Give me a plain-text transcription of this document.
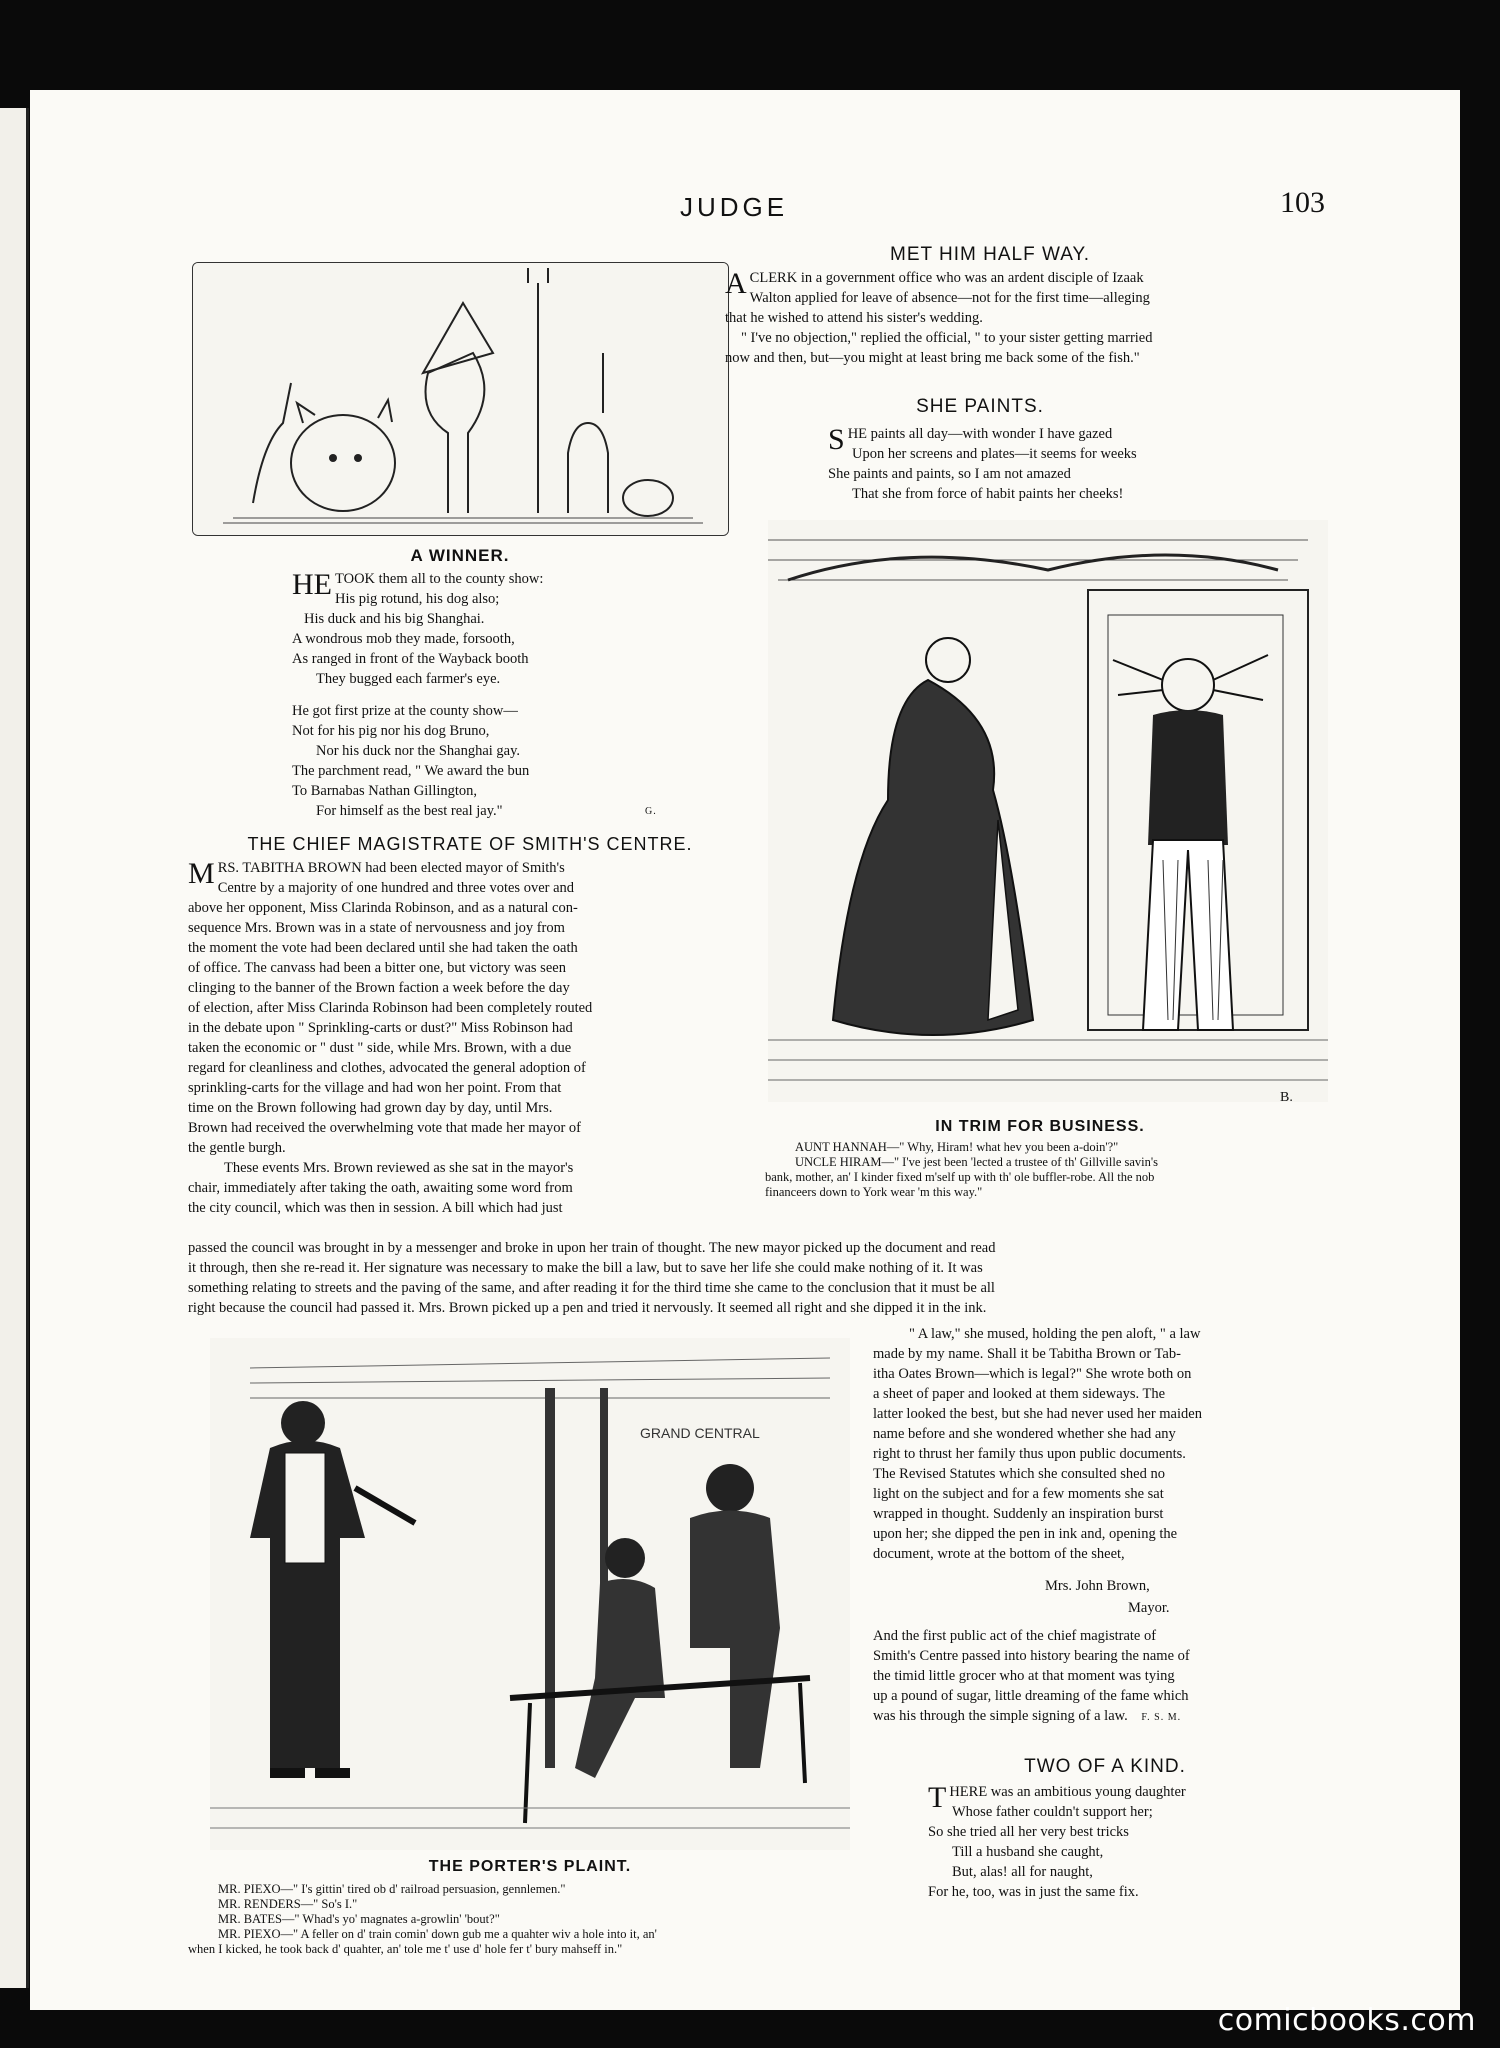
JUDGE	103
A WINNER.

HE TOOK them all to the county show:

His pig rotund, his dog also;

His duck and his big Shanghai.

A wondrous mob they made, forsooth,

As ranged in front of the Wayback booth

They bugged each farmer's eye.

He got first prize at the county show—

Not for his pig nor his dog Bruno,

Nor his duck nor the Shanghai gay.

The parchment read, " We award the bun

To Barnabas Nathan Gillington,

For himself as the best real jay."	G.
MET HIM HALF WAY.

ACLERK in a government office who was an ardent disciple of Izaak

Walton applied for leave of absence—not for the first time—alleging

that he wished to attend his sister's wedding.

" I've no objection," replied the official, " to your sister getting married

now and then, but—you might at least bring me back some of the fish."

SHE PAINTS.

SHE paints all day—with wonder I have gazed

Upon her screens and plates—it seems for weeks

She paints and paints, so I am not amazed

That she from force of habit paints her cheeks!

B.
IN TRIM FOR BUSINESS.

AUNT HANNAH—" Why, Hiram! what hev you been a-doin'?"

UNCLE HIRAM—" I've jest been 'lected a trustee of th' Gillville savin's

bank, mother, an' I kinder fixed m'self up with th' ole buffler-robe. All the nob

financeers down to York wear 'm this way."

THE CHIEF MAGISTRATE OF SMITH'S CENTRE.

MRS. TABITHA BROWN had been elected mayor of Smith's

Centre by a majority of one hundred and three votes over and

above her opponent, Miss Clarinda Robinson, and as a natural con-

sequence Mrs. Brown was in a state of nervousness and joy from

the moment the vote had been declared until she had taken the oath

of office. The canvass had been a bitter one, but victory was seen

clinging to the banner of the Brown faction a week before the day

of election, after Miss Clarinda Robinson had been completely routed

in the debate upon " Sprinkling-carts or dust?" Miss Robinson had

taken the economic or " dust " side, while Mrs. Brown, with a due

regard for cleanliness and clothes, advocated the general adoption of

sprinkling-carts for the village and had won her point. From that

time on the Brown following had grown day by day, until Mrs.

Brown had received the overwhelming vote that made her mayor of

the gentle burgh.

These events Mrs. Brown reviewed as she sat in the mayor's

chair, immediately after taking the oath, awaiting some word from

the city council, which was then in session. A bill which had just

passed the council was brought in by a messenger and broke in upon her train of thought. The new mayor picked up the document and read

it through, then she re-read it. Her signature was necessary to make the bill a law, but to save her life she could make nothing of it. It was

something relating to streets and the paving of the same, and after reading it for the third time she came to the conclusion that it must be all

right because the council had passed it. Mrs. Brown picked up a pen and tried it nervously. It seemed all right and she dipped it in the ink.

" A law," she mused, holding the pen aloft, " a law

made by my name. Shall it be Tabitha Brown or Tab-

itha Oates Brown—which is legal?" She wrote both on

a sheet of paper and looked at them sideways. The

latter looked the best, but she had never used her maiden

name before and she wondered whether she had any

right to thrust her family thus upon public documents.

The Revised Statutes which she consulted shed no

light on the subject and for a few moments she sat

wrapped in thought. Suddenly an inspiration burst

upon her; she dipped the pen in ink and, opening the

document, wrote at the bottom of the sheet,

Mrs. John Brown,
Mayor.

And the first public act of the chief magistrate of

Smith's Centre passed into history bearing the name of

the timid little grocer who at that moment was tying

up a pound of sugar, little dreaming of the fame which

was his through the simple signing of a law. F. S. M.

GRAND CENTRAL
THE PORTER'S PLAINT.

MR. PIEXO—" I's gittin' tired ob d' railroad persuasion, gennlemen."

MR. RENDERS—" So's I."

MR. BATES—" Whad's yo' magnates a-growlin' 'bout?"

MR. PIEXO—" A feller on d' train comin' down gub me a quahter wiv a hole into it, an'

when I kicked, he took back d' quahter, an' tole me t' use d' hole fer t' bury mahseff in."

TWO OF A KIND.

THERE was an ambitious young daughter

Whose father couldn't support her;

So she tried all her very best tricks

Till a husband she caught,

But, alas! all for naught,

For he, too, was in just the same fix.

comicbooks.com
